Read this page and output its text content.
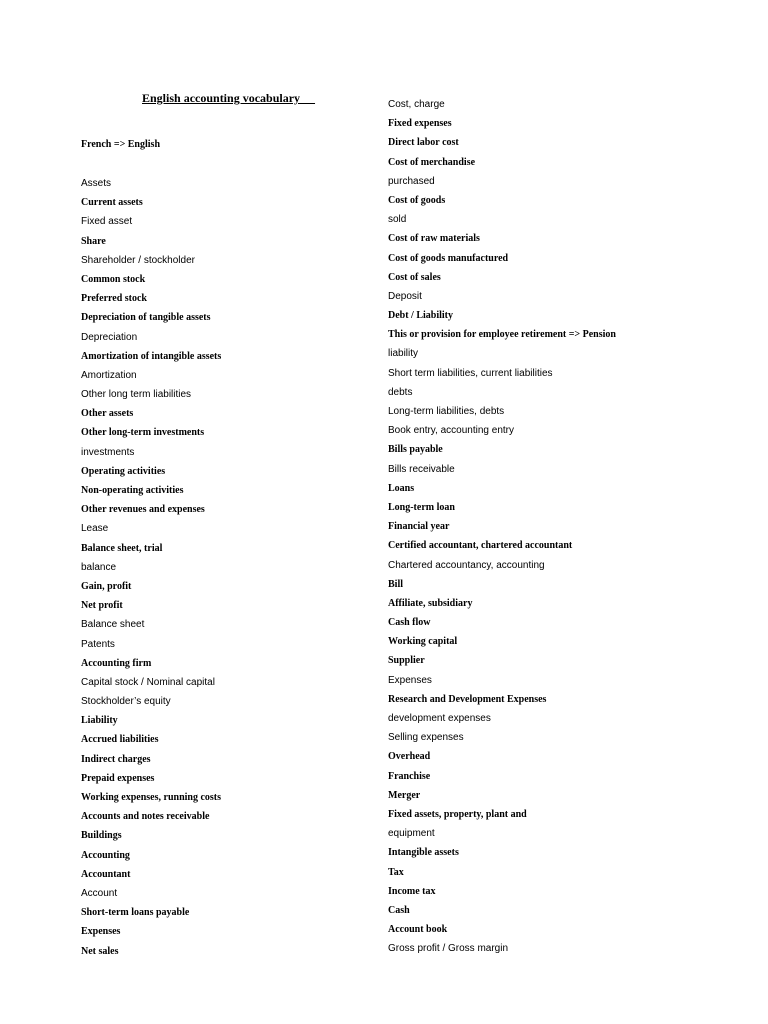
English accounting vocabulary
French => English
Assets
Current assets
Fixed asset
Share
Shareholder / stockholder
Common stock
Preferred stock
Depreciation of tangible assets
Depreciation
Amortization of intangible assets
Amortization
Other long term liabilities
Other assets
Other long-term investments
investments
Operating activities
Non-operating activities
Other revenues and expenses
Lease
Balance sheet, trial
balance
Gain, profit
Net profit
Balance sheet
Patents
Accounting firm
Capital stock / Nominal capital
Stockholder’s equity
Liability
Accrued liabilities
Indirect charges
Prepaid expenses
Working expenses, running costs
Accounts and notes receivable
Buildings
Accounting
Accountant
Account
Short-term loans payable
Expenses
Net sales
Cost, charge
Fixed expenses
Direct labor cost
Cost of merchandise
purchased
Cost of goods
sold
Cost of raw materials
Cost of goods manufactured
Cost of sales
Deposit
Debt / Liability
This or provision for employee retirement => Pension
liability
Short term liabilities, current liabilities
debts
Long-term liabilities, debts
Book entry, accounting entry
Bills payable
Bills receivable
Loans
Long-term loan
Financial year
Certified accountant, chartered accountant
Chartered accountancy, accounting
Bill
Affiliate, subsidiary
Cash flow
Working capital
Supplier
Expenses
Research and Development Expenses
development expenses
Selling expenses
Overhead
Franchise
Merger
Fixed assets, property, plant and
equipment
Intangible assets
Tax
Income tax
Cash
Account book
Gross profit / Gross margin
